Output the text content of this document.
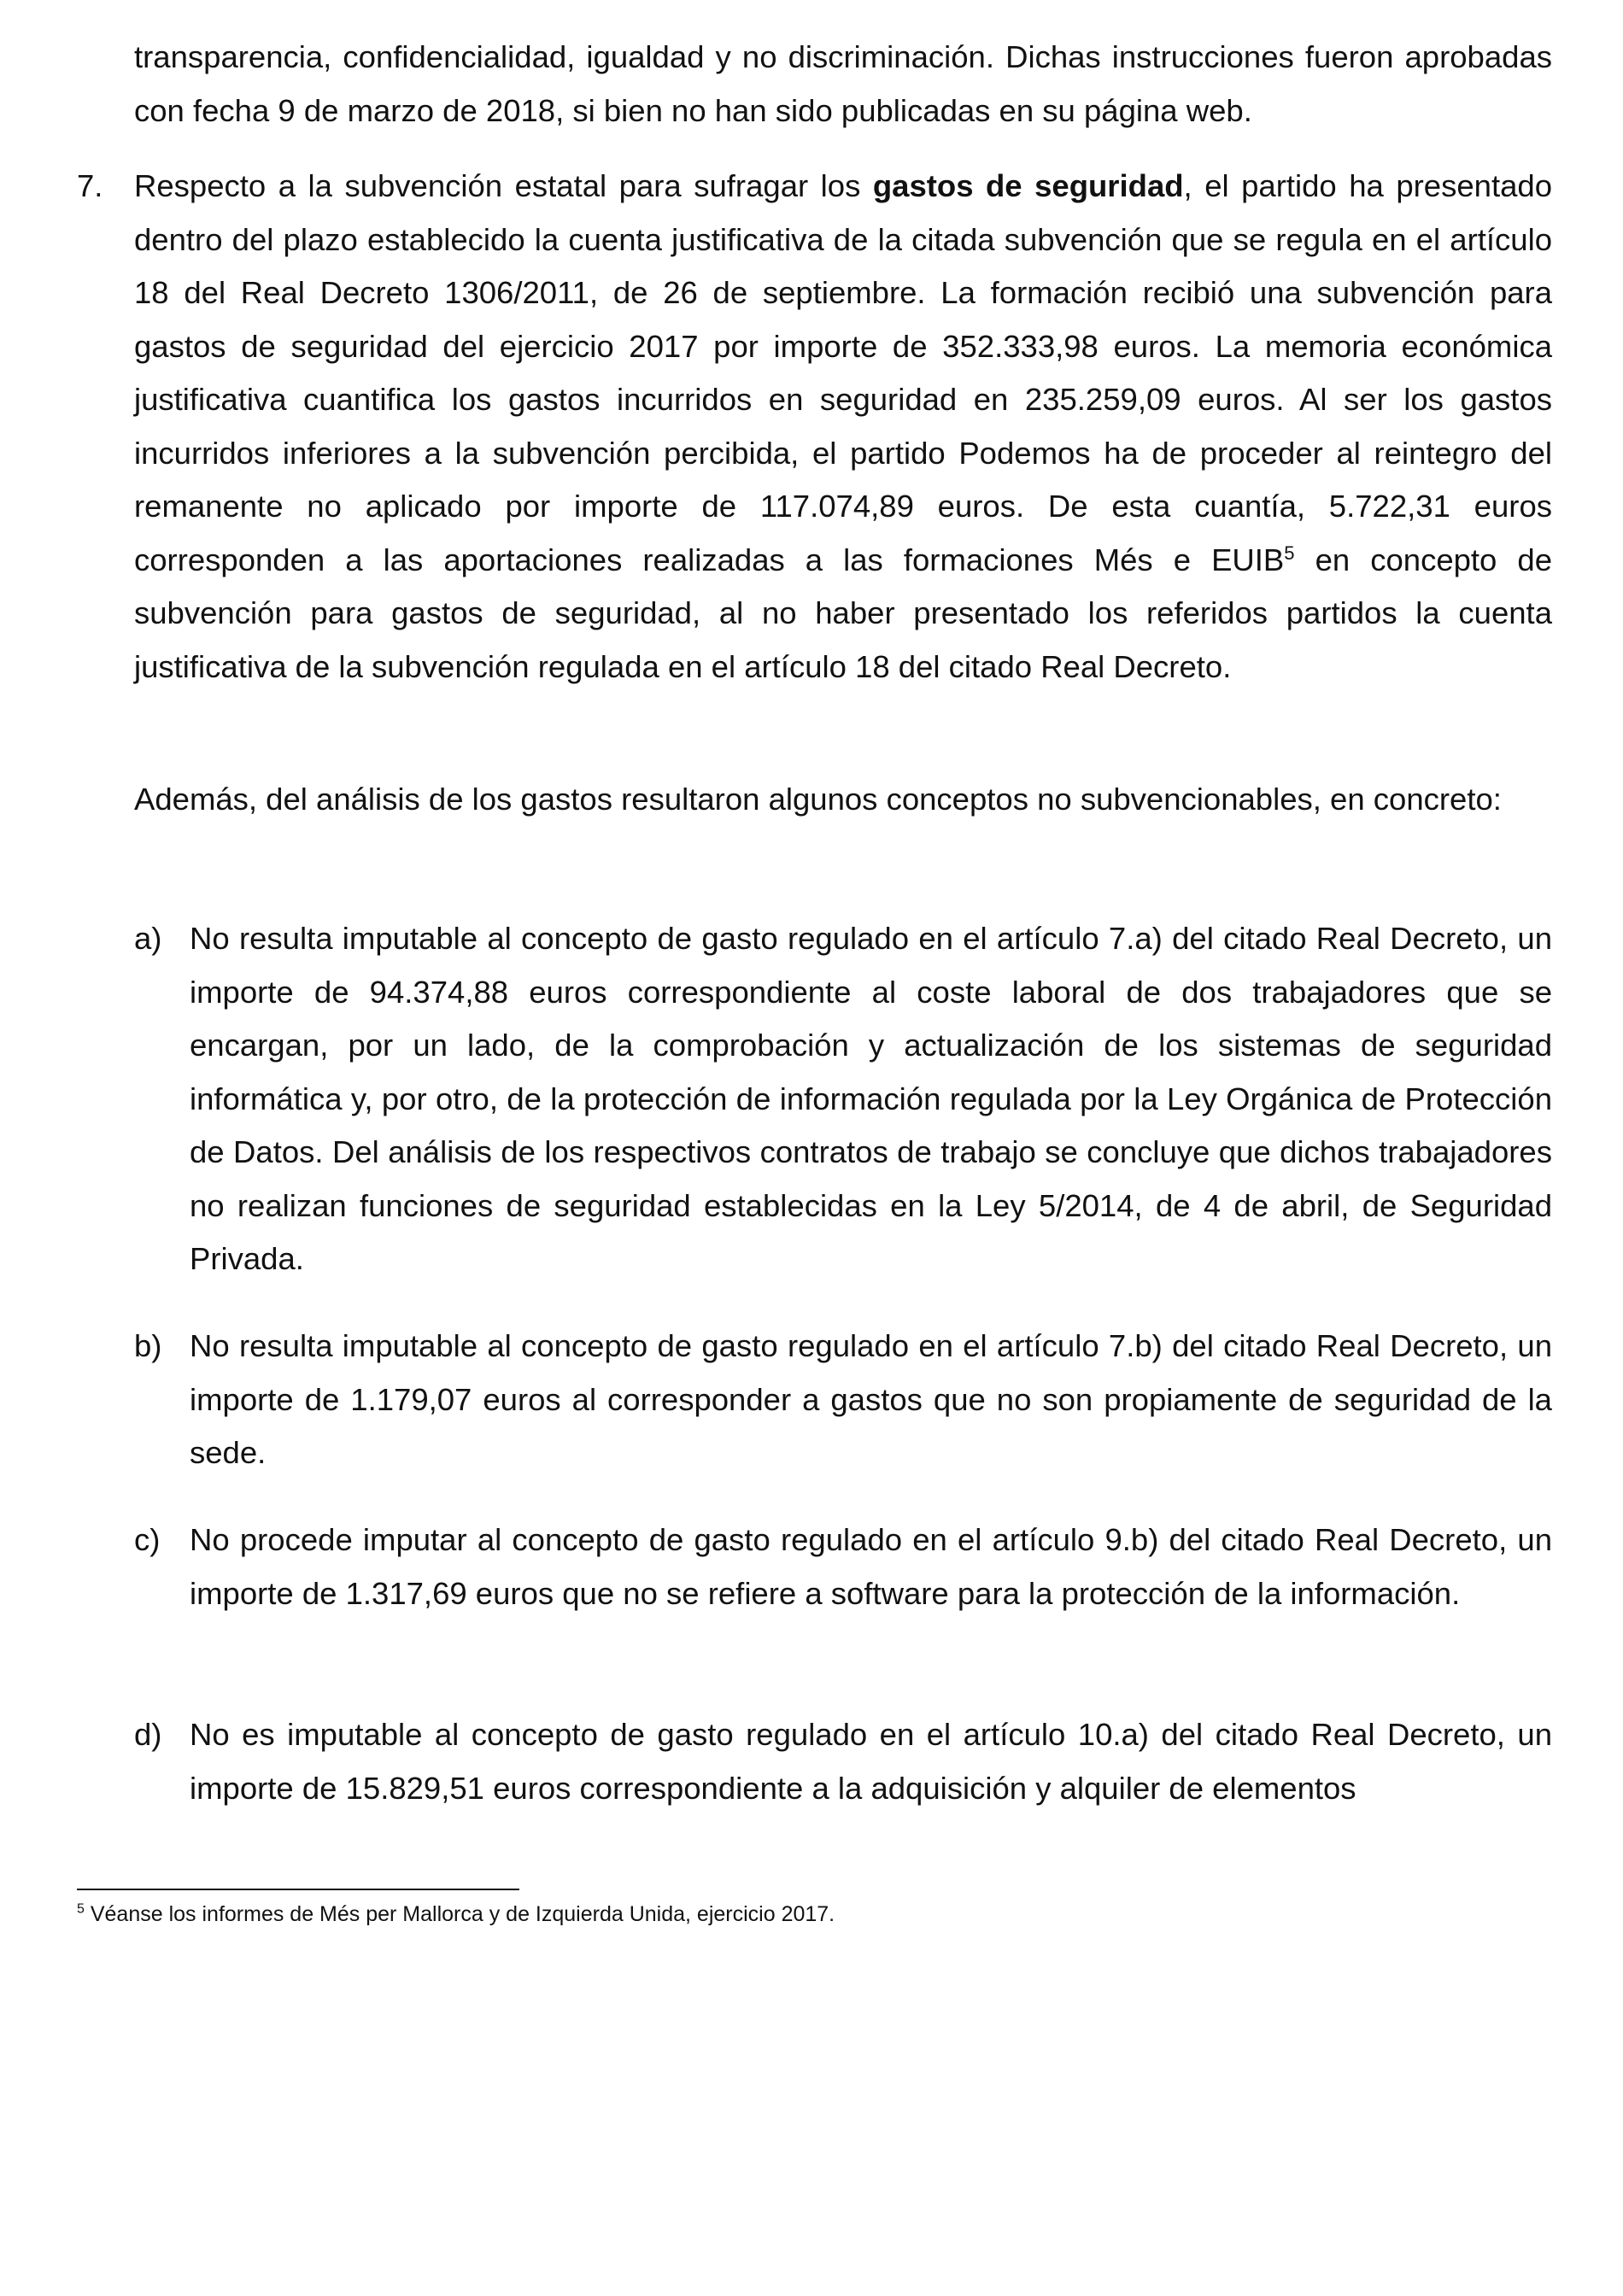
transparencia, confidencialidad, igualdad y no discriminación. Dichas instrucciones fueron aprobadas con fecha 9 de marzo de 2018, si bien no han sido publicadas en su página web.

7. Respecto a la subvención estatal para sufragar los gastos de seguridad, el partido ha presentado dentro del plazo establecido la cuenta justificativa de la citada subvención que se regula en el artículo 18 del Real Decreto 1306/2011, de 26 de septiembre. La formación recibió una subvención para gastos de seguridad del ejercicio 2017 por importe de 352.333,98 euros. La memoria económica justificativa cuantifica los gastos incurridos en seguridad en 235.259,09 euros. Al ser los gastos incurridos inferiores a la subvención percibida, el partido Podemos ha de proceder al reintegro del remanente no aplicado por importe de 117.074,89 euros. De esta cuantía, 5.722,31 euros corresponden a las aportaciones realizadas a las formaciones Més e EUIB$^5$ en concepto de subvención para gastos de seguridad, al no haber presentado los referidos partidos la cuenta justificativa de la subvención regulada en el artículo 18 del citado Real Decreto.

Además, del análisis de los gastos resultaron algunos conceptos no subvencionables, en concreto:

a) No resulta imputable al concepto de gasto regulado en el artículo 7.a) del citado Real Decreto, un importe de 94.374,88 euros correspondiente al coste laboral de dos trabajadores que se encargan, por un lado, de la comprobación y actualización de los sistemas de seguridad informática y, por otro, de la protección de información regulada por la Ley Orgánica de Protección de Datos. Del análisis de los respectivos contratos de trabajo se concluye que dichos trabajadores no realizan funciones de seguridad establecidas en la Ley 5/2014, de 4 de abril, de Seguridad Privada.

b) No resulta imputable al concepto de gasto regulado en el artículo 7.b) del citado Real Decreto, un importe de 1.179,07 euros al corresponder a gastos que no son propiamente de seguridad de la sede.

c) No procede imputar al concepto de gasto regulado en el artículo 9.b) del citado Real Decreto, un importe de 1.317,69 euros que no se refiere a software para la protección de la información.

d) No es imputable al concepto de gasto regulado en el artículo 10.a) del citado Real Decreto, un importe de 15.829,51 euros correspondiente a la adquisición y alquiler de elementos

$^5$ Véanse los informes de Més per Mallorca y de Izquierda Unida, ejercicio 2017.
